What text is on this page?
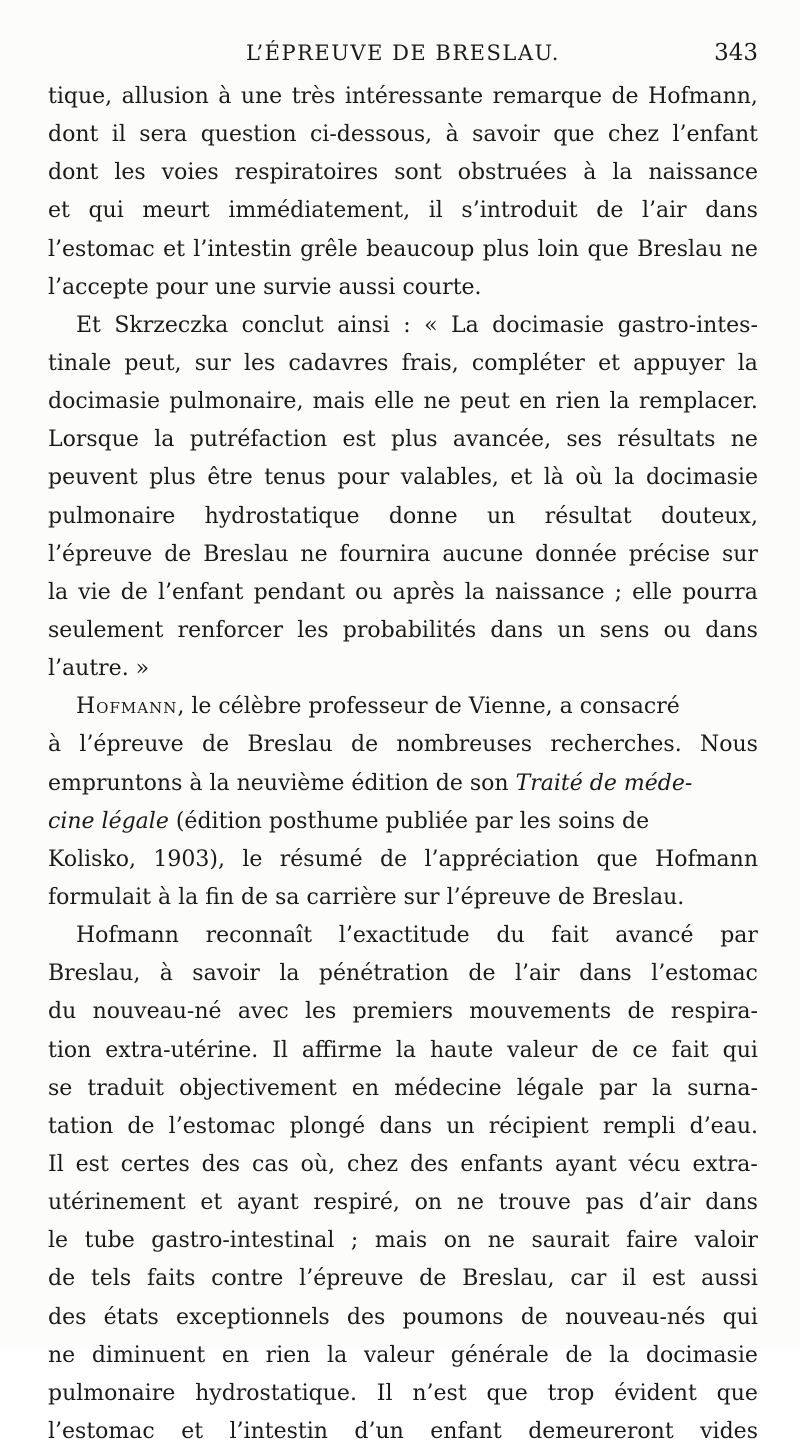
L’ÉPREUVE DE BRESLAU.	343
tique, allusion à une très intéressante remarque de Hofmann,
dont il sera question ci-dessous, à savoir que chez l’enfant
dont les voies respiratoires sont obstruées à la naissance
et qui meurt immédiatement, il s’introduit de l’air dans
l’estomac et l’intestin grêle beaucoup plus loin que Breslau ne
l’accepte pour une survie aussi courte.
Et Skrzeczka conclut ainsi : « La docimasie gastro-intes-
tinale peut, sur les cadavres frais, compléter et appuyer la
docimasie pulmonaire, mais elle ne peut en rien la remplacer.
Lorsque la putréfaction est plus avancée, ses résultats ne
peuvent plus être tenus pour valables, et là où la docimasie
pulmonaire hydrostatique donne un résultat douteux,
l’épreuve de Breslau ne fournira aucune donnée précise sur
la vie de l’enfant pendant ou après la naissance ; elle pourra
seulement renforcer les probabilités dans un sens ou dans
l’autre. »
Hofmann , le célèbre professeur de Vienne, a consacré
à l’épreuve de Breslau de nombreuses recherches. Nous
empruntons à la neuvième édition de son
Traité de méde-
cine légale (édition posthume publiée par les soins de
Kolisko, 1903), le résumé de l’appréciation que Hofmann
formulait à la fin de sa carrière sur l’épreuve de Breslau.
Hofmann reconnaît l’exactitude du fait avancé par
Breslau, à savoir la pénétration de l’air dans l’estomac
du nouveau-né avec les premiers mouvements de respira-
tion extra-utérine. Il affirme la haute valeur de ce fait qui
se traduit objectivement en médecine légale par la surna-
tation de l’estomac plongé dans un récipient rempli d’eau.
Il est certes des cas où, chez des enfants ayant vécu extra-
utérinement et ayant respiré, on ne trouve pas d’air dans
le tube gastro-intestinal ; mais on ne saurait faire valoir
de tels faits contre l’épreuve de Breslau, car il est aussi
des états exceptionnels des poumons de nouveau-nés qui
ne diminuent en rien la valeur générale de la docimasie
pulmonaire hydrostatique. Il n’est que trop évident que
l’estomac et l’intestin d’un enfant demeureront vides
